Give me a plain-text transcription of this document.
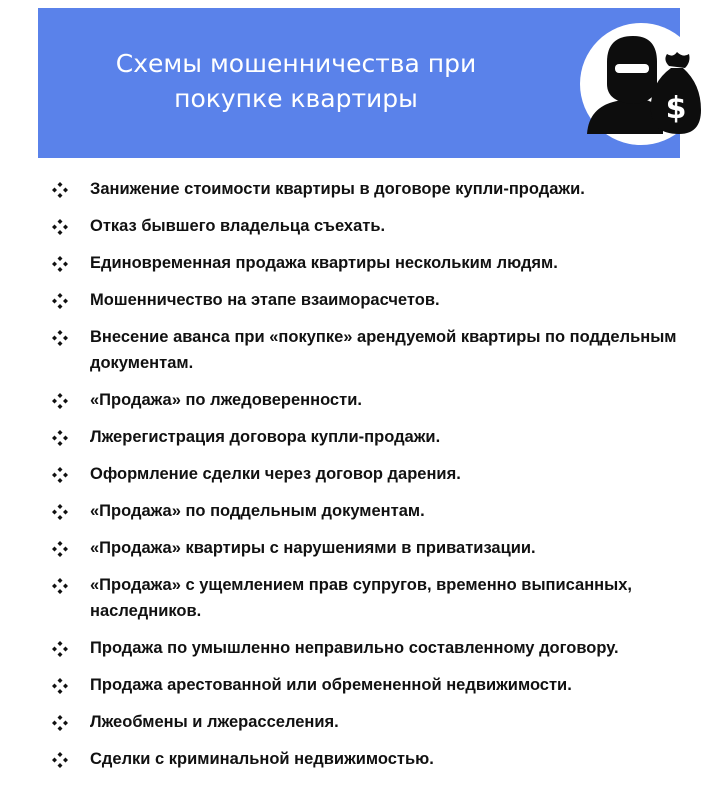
Схемы мошенничества при покупке квартиры	$
Занижение стоимости квартиры в договоре купли-продажи.
Отказ бывшего владельца съехать.
Единовременная продажа квартиры нескольким людям.
Мошенничество на этапе взаиморасчетов.
Внесение аванса при «покупке» арендуемой квартиры по поддельным документам.
«Продажа» по лжедоверенности.
Лжерегистрация договора купли-продажи.
Оформление сделки через договор дарения.
«Продажа» по поддельным документам.
«Продажа» квартиры с нарушениями в приватизации.
«Продажа» с ущемлением прав супругов, временно выписанных, наследников.
Продажа по умышленно неправильно составленному договору.
Продажа арестованной или обремененной недвижимости.
Лжеобмены и лжерасселения.
Сделки с криминальной недвижимостью.
